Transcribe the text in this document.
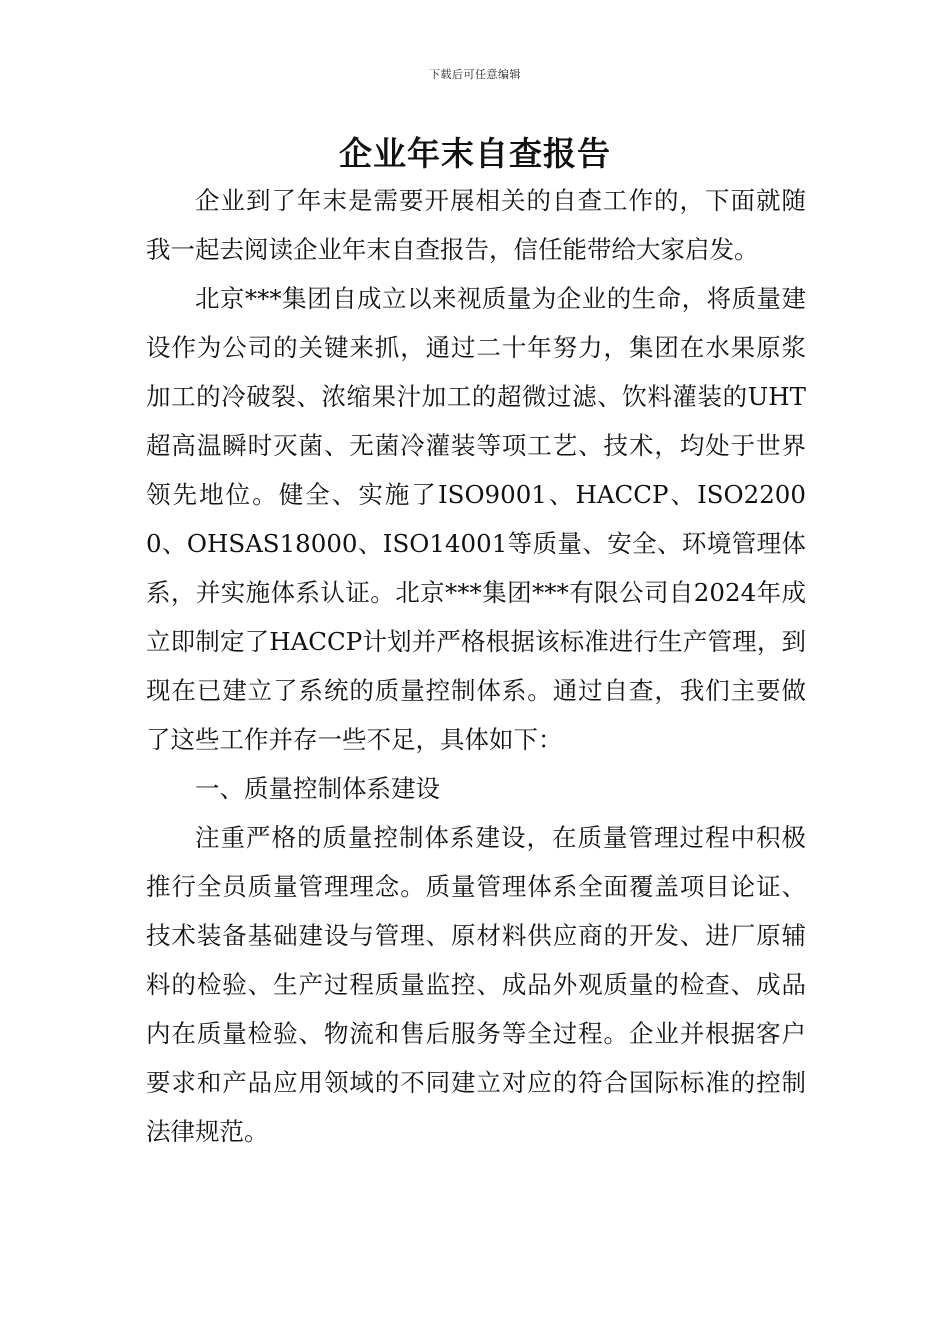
下载后可任意编辑
企业年末自查报告

企业到了年末是需要开展相关的自查工作的，下面就随我一起去阅读企业年末自查报告，信任能带给大家启发。

北京***集团自成立以来视质量为企业的生命，将质量建设作为公司的关键来抓，通过二十年努力，集团在水果原浆加工的冷破裂、浓缩果汁加工的超微过滤、饮料灌装的UHT超高温瞬时灭菌、无菌冷灌装等项工艺、技术，均处于世界领先地位。健全、实施了ISO9001、HACCP、ISO22000、OHSAS18000、ISO14001等质量、安全、环境管理体系，并实施体系认证。北京***集团***有限公司自2024年成立即制定了HACCP计划并严格根据该标准进行生产管理，到现在已建立了系统的质量控制体系。通过自查，我们主要做了这些工作并存一些不足，具体如下：

一、质量控制体系建设

注重严格的质量控制体系建设，在质量管理过程中积极推行全员质量管理理念。质量管理体系全面覆盖项目论证、技术装备基础建设与管理、原材料供应商的开发、进厂原辅料的检验、生产过程质量监控、成品外观质量的检查、成品内在质量检验、物流和售后服务等全过程。企业并根据客户要求和产品应用领域的不同建立对应的符合国际标准的控制法律规范。
